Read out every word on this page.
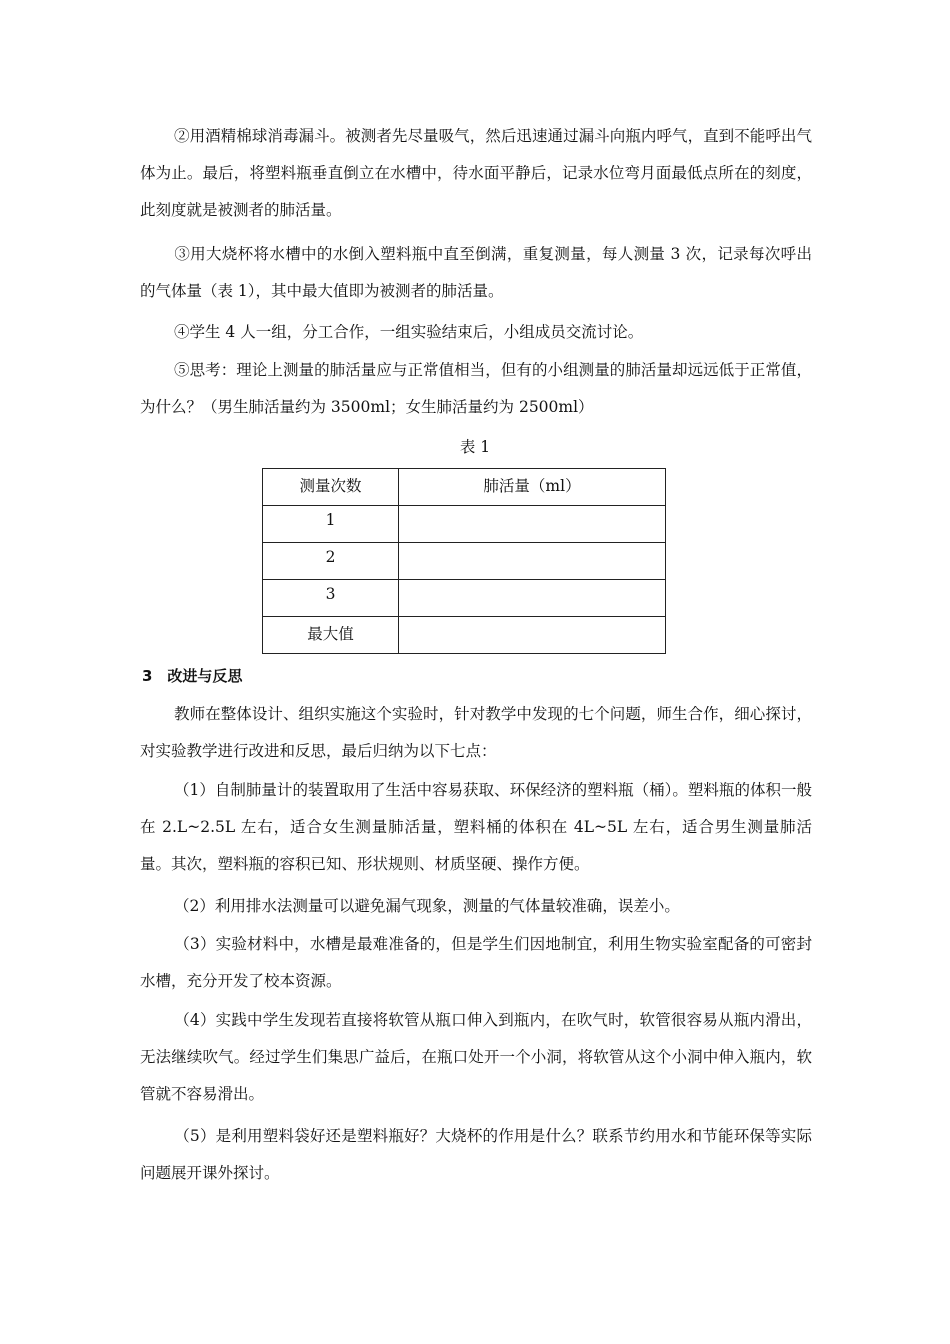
②用酒精棉球消毒漏斗。被测者先尽量吸气，然后迅速通过漏斗向瓶内呼气，直到不能呼出气体为止。最后，将塑料瓶垂直倒立在水槽中，待水面平静后，记录水位弯月面最低点所在的刻度，此刻度就是被测者的肺活量。

③用大烧杯将水槽中的水倒入塑料瓶中直至倒满，重复测量，每人测量 3 次，记录每次呼出的气体量（表 1），其中最大值即为被测者的肺活量。

④学生 4 人一组，分工合作，一组实验结束后，小组成员交流讨论。

⑤思考：理论上测量的肺活量应与正常值相当，但有的小组测量的肺活量却远远低于正常值，为什么？（男生肺活量约为 3500ml；女生肺活量约为 2500ml）

表 1
测量次数	肺活量（ml）
1	
2	
3	
最大值	
3　改进与反思

教师在整体设计、组织实施这个实验时，针对教学中发现的七个问题，师生合作，细心探讨，对实验教学进行改进和反思，最后归纳为以下七点：

（1）自制肺量计的装置取用了生活中容易获取、环保经济的塑料瓶（桶）。塑料瓶的体积一般在 2.L~2.5L 左右，适合女生测量肺活量，塑料桶的体积在 4L~5L 左右，适合男生测量肺活量。其次，塑料瓶的容积已知、形状规则、材质坚硬、操作方便。

（2）利用排水法测量可以避免漏气现象，测量的气体量较准确，误差小。

（3）实验材料中，水槽是最难准备的，但是学生们因地制宜，利用生物实验室配备的可密封水槽，充分开发了校本资源。

（4）实践中学生发现若直接将软管从瓶口伸入到瓶内，在吹气时，软管很容易从瓶内滑出，无法继续吹气。经过学生们集思广益后，在瓶口处开一个小洞，将软管从这个小洞中伸入瓶内，软管就不容易滑出。

（5）是利用塑料袋好还是塑料瓶好？大烧杯的作用是什么？联系节约用水和节能环保等实际问题展开课外探讨。
